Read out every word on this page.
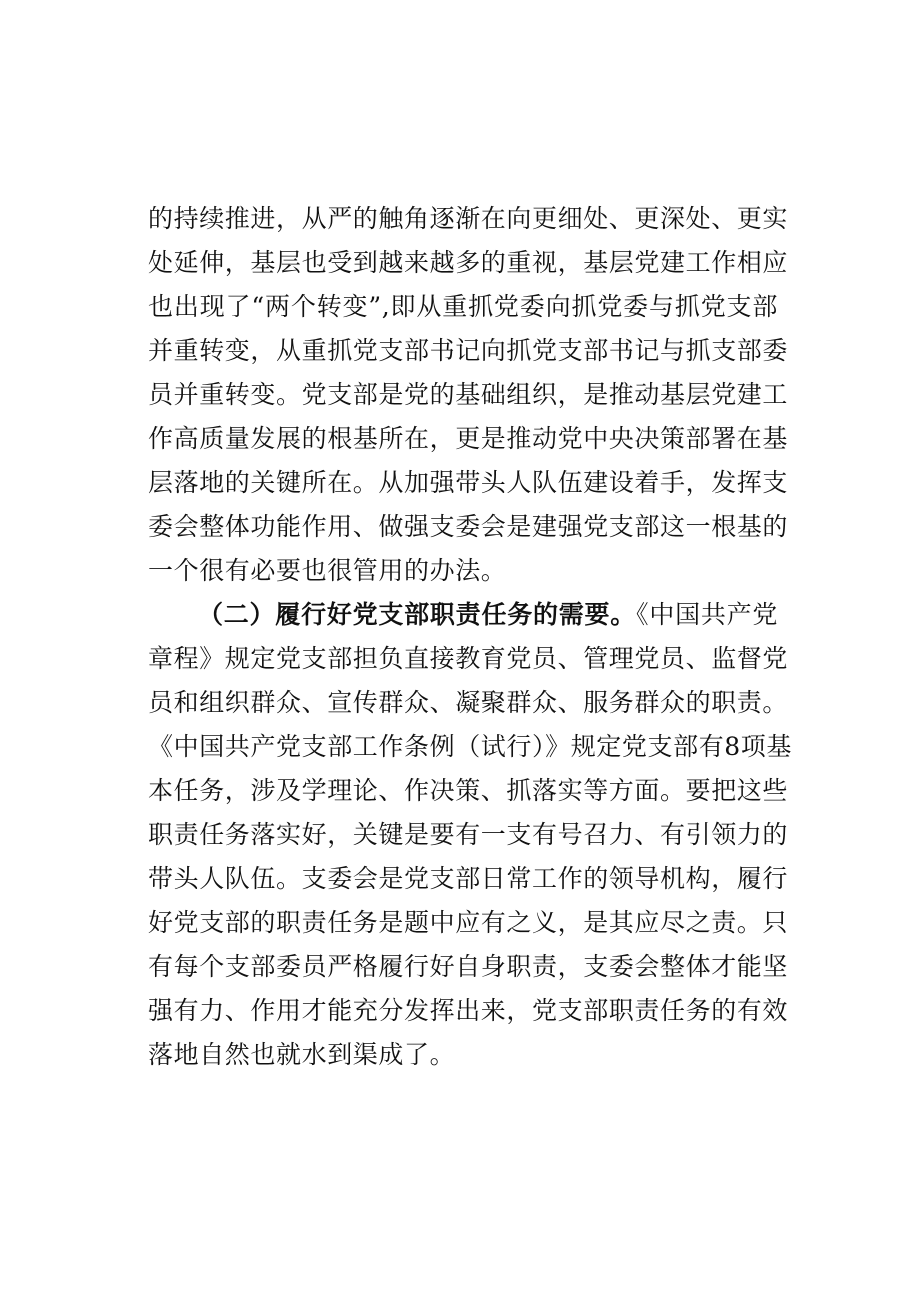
的持续推进，从严的触角逐渐在向更细处、更深处、更实
处延伸，基层也受到越来越多的重视，基层党建工作相应
也出现了“两个转变”,即从重抓党委向抓党委与抓党支部
并重转变，从重抓党支部书记向抓党支部书记与抓支部委
员并重转变。党支部是党的基础组织，是推动基层党建工
作高质量发展的根基所在，更是推动党中央决策部署在基
层落地的关键所在。从加强带头人队伍建设着手，发挥支
委会整体功能作用、做强支委会是建强党支部这一根基的
一个很有必要也很管用的办法。
（二）履行好党支部职责任务的需要。《中国共产党
章程》规定党支部担负直接教育党员、管理党员、监督党
员和组织群众、宣传群众、凝聚群众、服务群众的职责。
《中国共产党支部工作条例（试行）》规定党支部有8项基
本任务，涉及学理论、作决策、抓落实等方面。要把这些
职责任务落实好，关键是要有一支有号召力、有引领力的
带头人队伍。支委会是党支部日常工作的领导机构，履行
好党支部的职责任务是题中应有之义，是其应尽之责。只
有每个支部委员严格履行好自身职责，支委会整体才能坚
强有力、作用才能充分发挥出来，党支部职责任务的有效
落地自然也就水到渠成了。
